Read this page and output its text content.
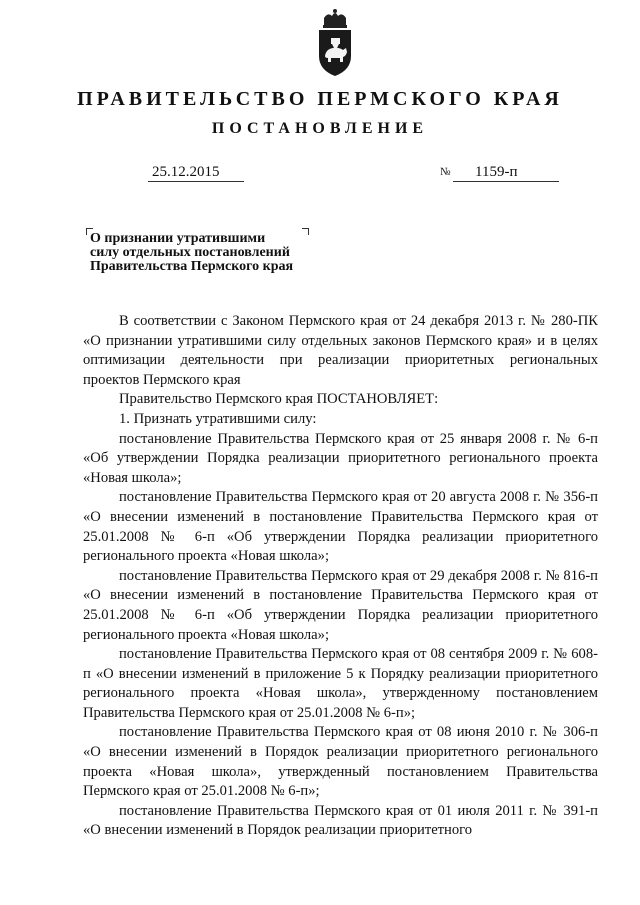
ПРАВИТЕЛЬСТВО ПЕРМСКОГО КРАЯ
ПОСТАНОВЛЕНИЕ
25.12.2015	№	1159-п

О признании утратившими
силу отдельных постановлений
Правительства Пермского края

В соответствии с Законом Пермского края от 24 декабря 2013 г. № 280-ПК «О признании утратившими силу отдельных законов Пермского края» и в целях оптимизации деятельности при реализации приоритетных региональных проектов Пермского края

Правительство Пермского края ПОСТАНОВЛЯЕТ:

1. Признать утратившими силу:

постановление Правительства Пермского края от 25 января 2008 г. № 6-п «Об утверждении Порядка реализации приоритетного регионального проекта «Новая школа»;

постановление Правительства Пермского края от 20 августа 2008 г. № 356-п «О внесении изменений в постановление Правительства Пермского края от 25.01.2008 № 6-п «Об утверждении Порядка реализации приоритетного регионального проекта «Новая школа»;

постановление Правительства Пермского края от 29 декабря 2008 г. № 816-п «О внесении изменений в постановление Правительства Пермского края от 25.01.2008 № 6-п «Об утверждении Порядка реализации приоритетного регионального проекта «Новая школа»;

постановление Правительства Пермского края от 08 сентября 2009 г. № 608-п «О внесении изменений в приложение 5 к Порядку реализации приоритетного регионального проекта «Новая школа», утвержденному постановлением Правительства Пермского края от 25.01.2008 № 6-п»;

постановление Правительства Пермского края от 08 июня 2010 г. № 306-п «О внесении изменений в Порядок реализации приоритетного регионального проекта «Новая школа», утвержденный постановлением Правительства Пермского края от 25.01.2008 № 6-п»;

постановление Правительства Пермского края от 01 июля 2011 г. № 391-п «О внесении изменений в Порядок реализации приоритетного
